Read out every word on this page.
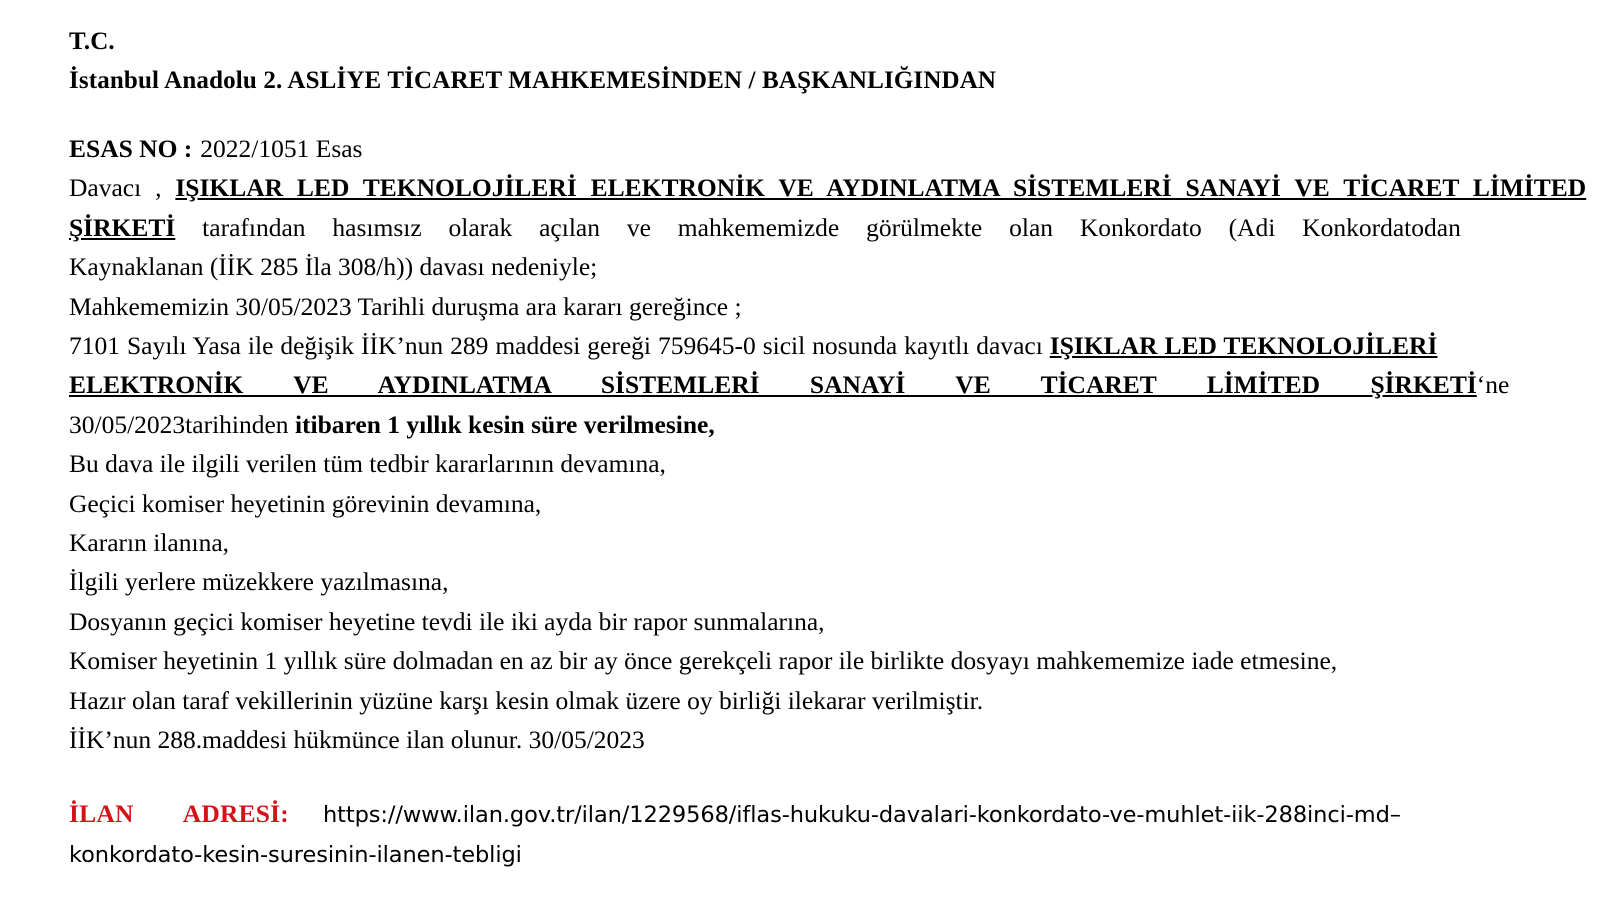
T.C.
İstanbul Anadolu 2. ASLİYE TİCARET MAHKEMESİNDEN / BAŞKANLIĞINDAN
ESAS NO : 2022/1051 Esas
Davacı , IŞIKLAR LED TEKNOLOJİLERİ ELEKTRONİK VE AYDINLATMA SİSTEMLERİ SANAYİ VE TİCARET LİMİTED
ŞİRKETİ tarafından hasımsız olarak açılan ve mahkememizde görülmekte olan Konkordato (Adi Konkordatodan
Kaynaklanan (İİK 285 İla 308/h)) davası nedeniyle;
Mahkememizin 30/05/2023 Tarihli duruşma ara kararı gereğince ;
7101 Sayılı Yasa ile değişik İİK’nun 289 maddesi gereği 759645-0 sicil nosunda kayıtlı davacı IŞIKLAR LED TEKNOLOJİLERİ
ELEKTRONİK VE AYDINLATMA SİSTEMLERİ SANAYİ VE TİCARET LİMİTED ŞİRKETİ‘ne
30/05/2023tarihinden itibaren 1 yıllık kesin süre verilmesine,
Bu dava ile ilgili verilen tüm tedbir kararlarının devamına,
Geçici komiser heyetinin görevinin devamına,
Kararın ilanına,
İlgili yerlere müzekkere yazılmasına,
Dosyanın geçici komiser heyetine tevdi ile iki ayda bir rapor sunmalarına,
Komiser heyetinin 1 yıllık süre dolmadan en az bir ay önce gerekçeli rapor ile birlikte dosyayı mahkememize iade etmesine,
Hazır olan taraf vekillerinin yüzüne karşı kesin olmak üzere oy birliği ilekarar verilmiştir.
İİK’nun 288.maddesi hükmünce ilan olunur. 30/05/2023
İLAN ADRESİ: https://www.ilan.gov.tr/ilan/1229568/iflas-hukuku-davalari-konkordato-ve-muhlet-iik-288inci-md–
konkordato-kesin-suresinin-ilanen-tebligi
